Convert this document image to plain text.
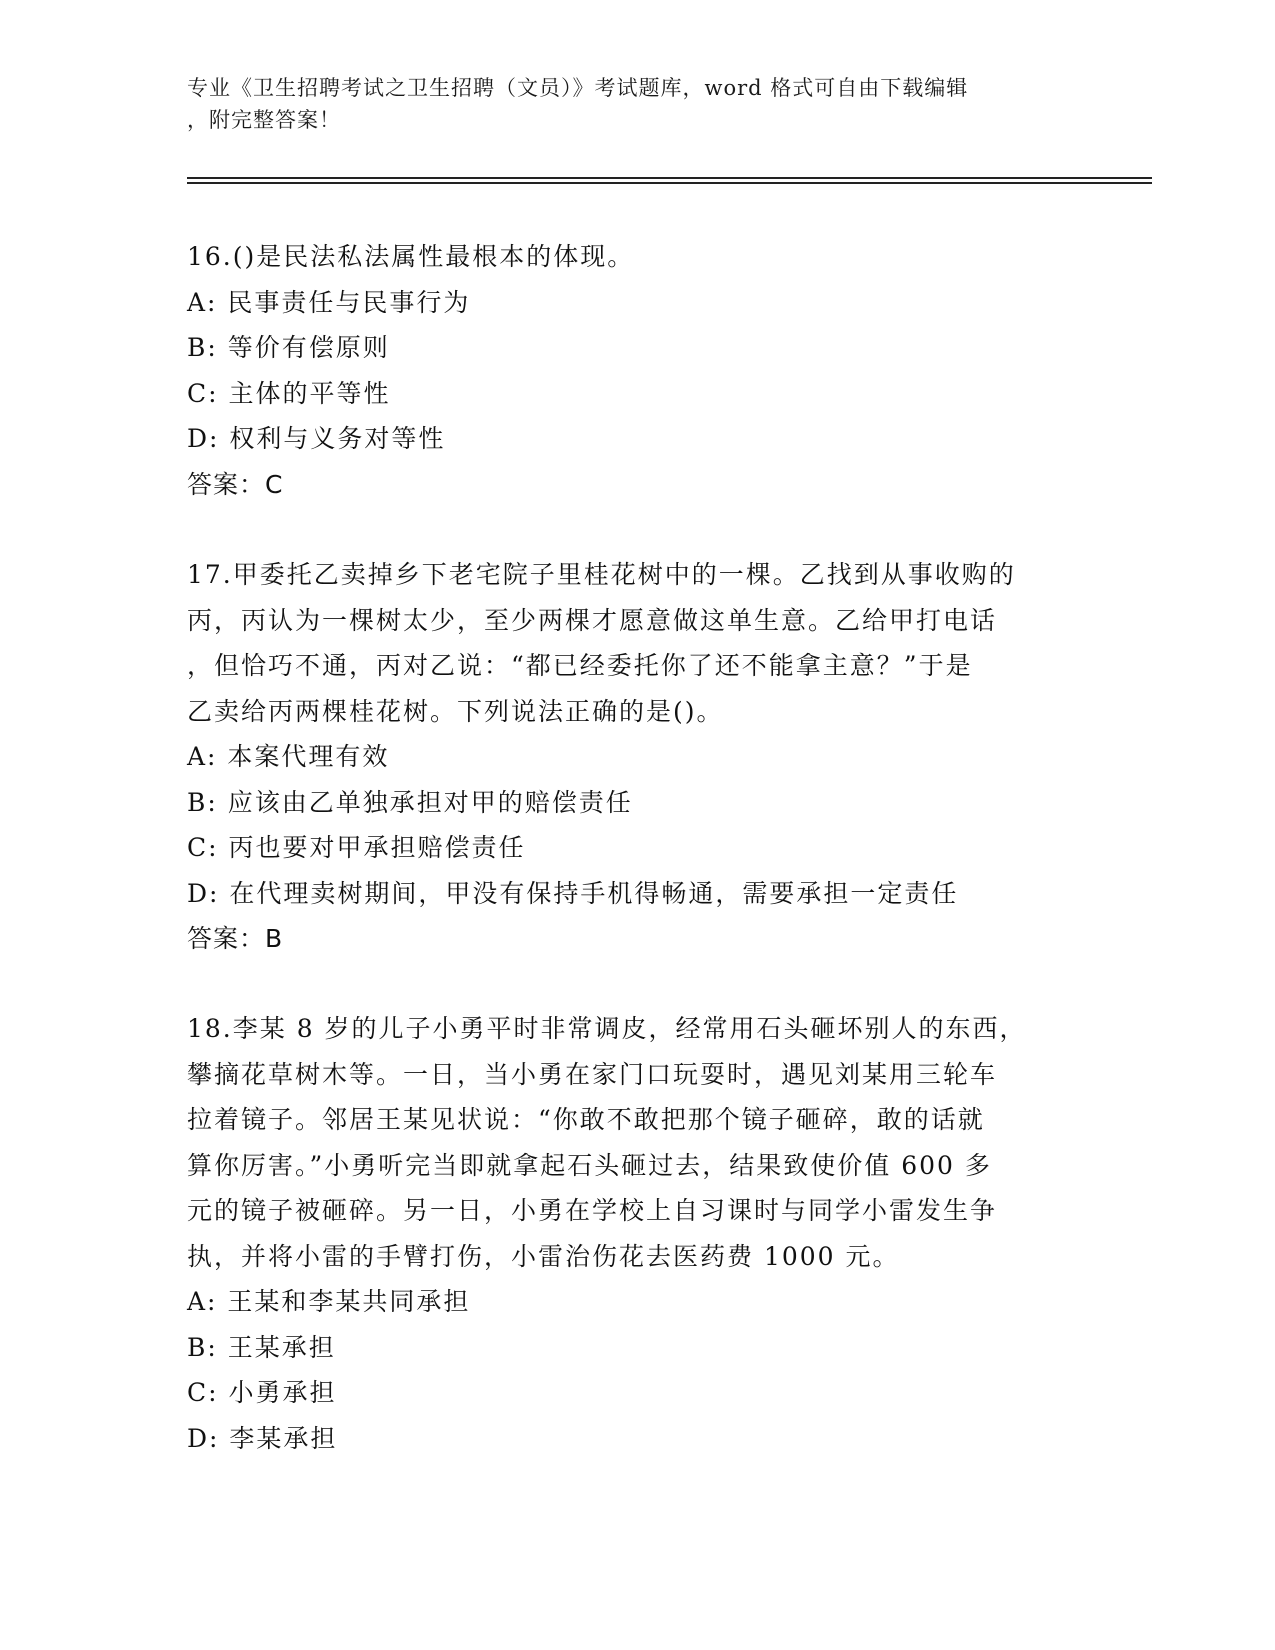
专业《卫生招聘考试之卫生招聘（文员）》考试题库，word 格式可自由下载编辑
，附完整答案！
16.()是民法私法属性最根本的体现。
A: 民事责任与民事行为
B: 等价有偿原则
C: 主体的平等性
D: 权利与义务对等性
答案：C
17.甲委托乙卖掉乡下老宅院子里桂花树中的一棵。乙找到从事收购的
丙，丙认为一棵树太少，至少两棵才愿意做这单生意。乙给甲打电话
，但恰巧不通，丙对乙说：“都已经委托你了还不能拿主意？”于是
乙卖给丙两棵桂花树。下列说法正确的是()。
A: 本案代理有效
B: 应该由乙单独承担对甲的赔偿责任
C: 丙也要对甲承担赔偿责任
D: 在代理卖树期间，甲没有保持手机得畅通，需要承担一定责任
答案：B
18.李某 8 岁的儿子小勇平时非常调皮，经常用石头砸坏别人的东西，
攀摘花草树木等。一日，当小勇在家门口玩耍时，遇见刘某用三轮车
拉着镜子。邻居王某见状说：“你敢不敢把那个镜子砸碎，敢的话就
算你厉害。”小勇听完当即就拿起石头砸过去，结果致使价值 600 多
元的镜子被砸碎。另一日，小勇在学校上自习课时与同学小雷发生争
执，并将小雷的手臂打伤，小雷治伤花去医药费 1000 元。
A: 王某和李某共同承担
B: 王某承担
C: 小勇承担
D: 李某承担
